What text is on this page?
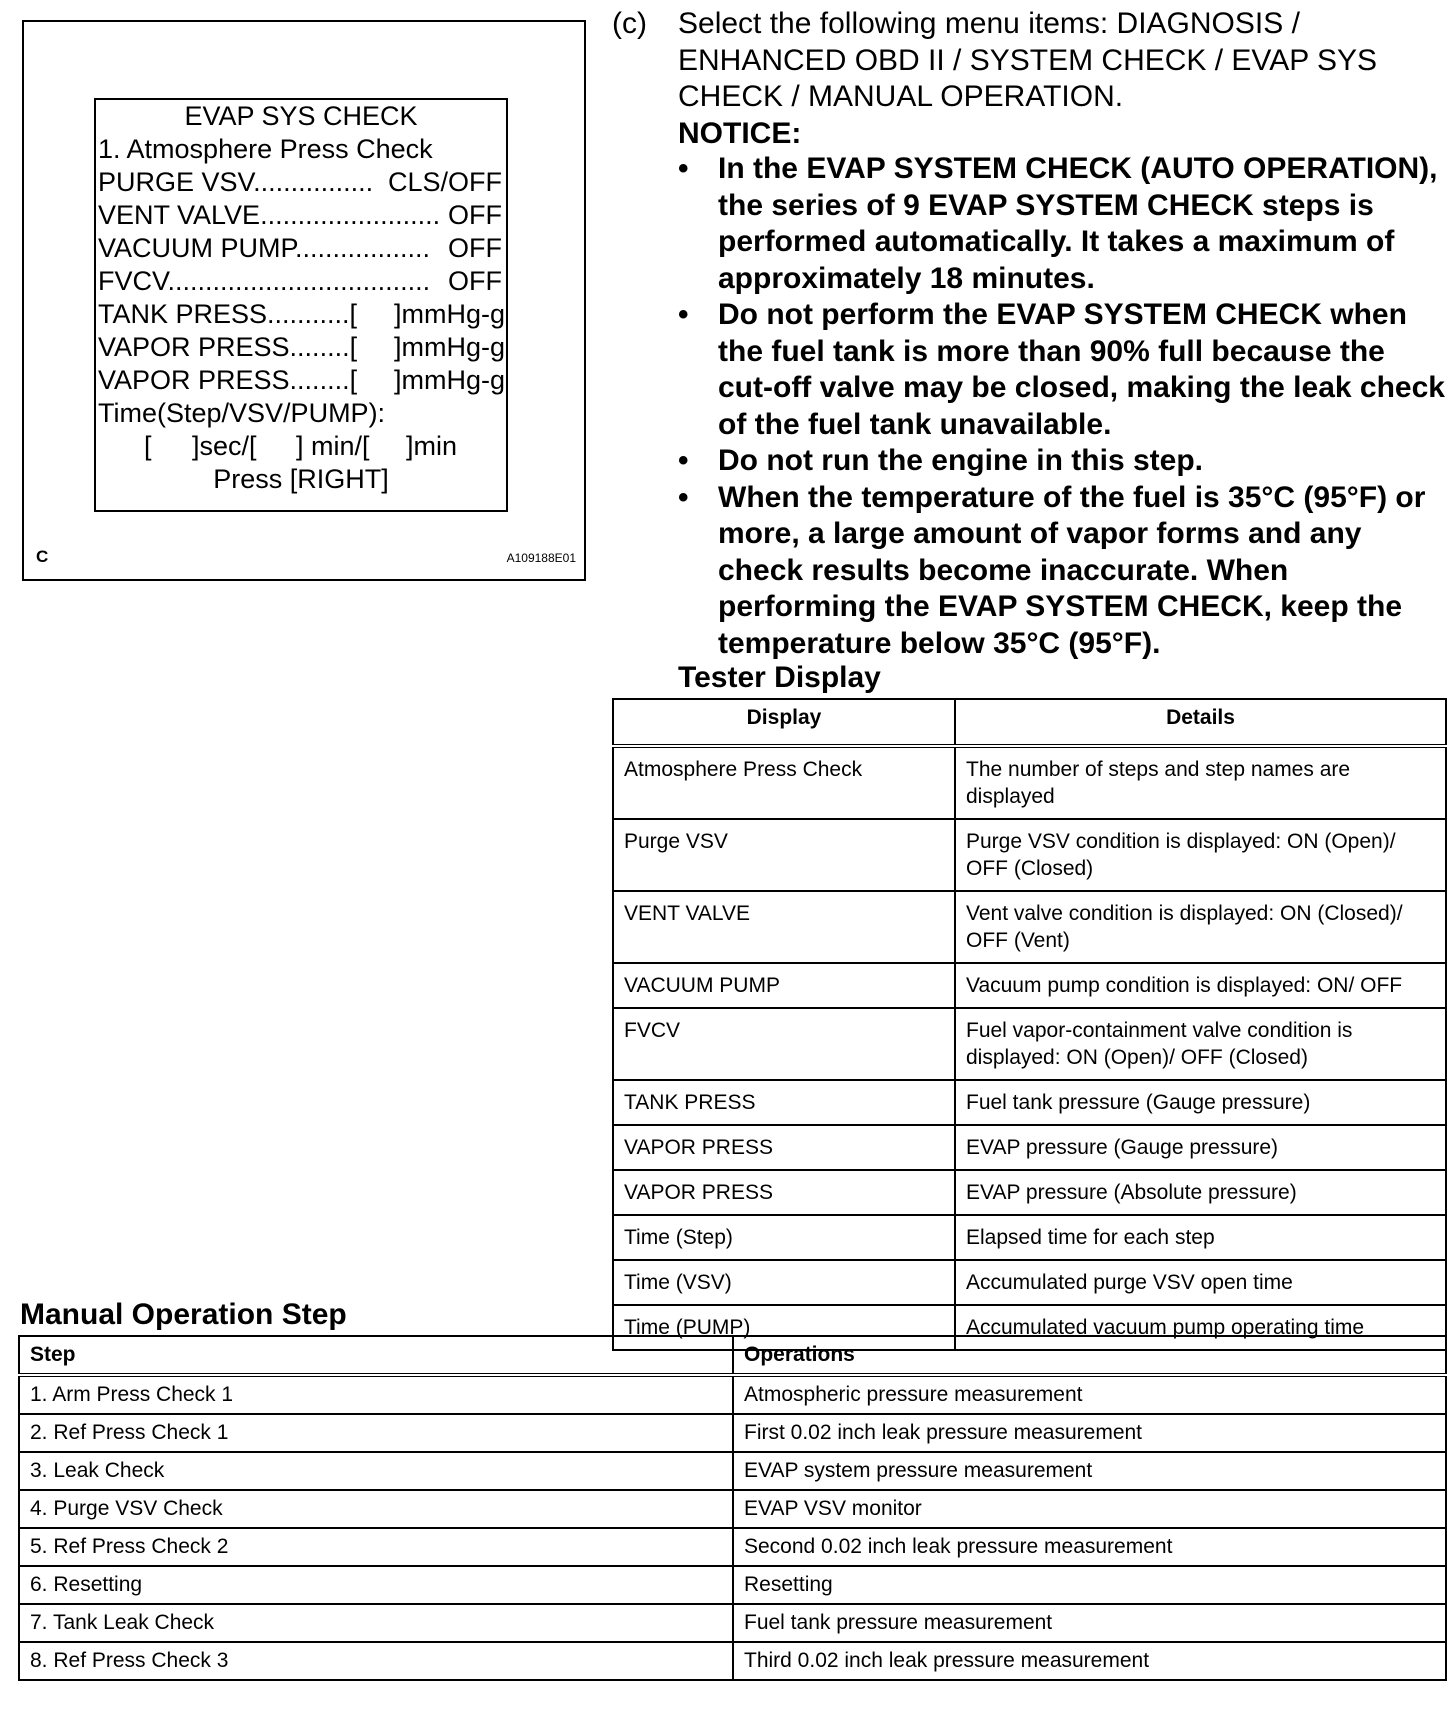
EVAP SYS CHECK
1. Atmosphere Press Check
PURGE VSV................ CLS/OFF
VENT VALVE........................ OFF
VACUUM PUMP.................. OFF
FVCV................................... OFF
TANK PRESS...........[ ]mmHg-g
VAPOR PRESS........[ ]mmHg-g
VAPOR PRESS........[ ]mmHg-g
Time(Step/VSV/PUMP):
[ ]sec/[ ] min/[ ]min
Press [RIGHT]
C	A109188E01
(c) Select the following menu items: DIAGNOSIS / ENHANCED OBD II / SYSTEM CHECK / EVAP SYS CHECK / MANUAL OPERATION.
NOTICE:
• In the EVAP SYSTEM CHECK (AUTO OPERATION), the series of 9 EVAP SYSTEM CHECK steps is performed automatically. It takes a maximum of approximately 18 minutes.
• Do not perform the EVAP SYSTEM CHECK when the fuel tank is more than 90% full because the cut-off valve may be closed, making the leak check of the fuel tank unavailable.
• Do not run the engine in this step.
• When the temperature of the fuel is 35°C (95°F) or more, a large amount of vapor forms and any check results become inaccurate. When performing the EVAP SYSTEM CHECK, keep the temperature below 35°C (95°F).
Tester Display
Display	Details
Atmosphere Press Check	The number of steps and step names are displayed
Purge VSV	Purge VSV condition is displayed: ON (Open)/ OFF (Closed)
VENT VALVE	Vent valve condition is displayed: ON (Closed)/ OFF (Vent)
VACUUM PUMP	Vacuum pump condition is displayed: ON/ OFF
FVCV	Fuel vapor-containment valve condition is displayed: ON (Open)/ OFF (Closed)
TANK PRESS	Fuel tank pressure (Gauge pressure)
VAPOR PRESS	EVAP pressure (Gauge pressure)
VAPOR PRESS	EVAP pressure (Absolute pressure)
Time (Step)	Elapsed time for each step
Time (VSV)	Accumulated purge VSV open time
Time (PUMP)	Accumulated vacuum pump operating time
Manual Operation Step
Step	Operations
1. Arm Press Check 1	Atmospheric pressure measurement
2. Ref Press Check 1	First 0.02 inch leak pressure measurement
3. Leak Check	EVAP system pressure measurement
4. Purge VSV Check	EVAP VSV monitor
5. Ref Press Check 2	Second 0.02 inch leak pressure measurement
6. Resetting	Resetting
7. Tank Leak Check	Fuel tank pressure measurement
8. Ref Press Check 3	Third 0.02 inch leak pressure measurement
